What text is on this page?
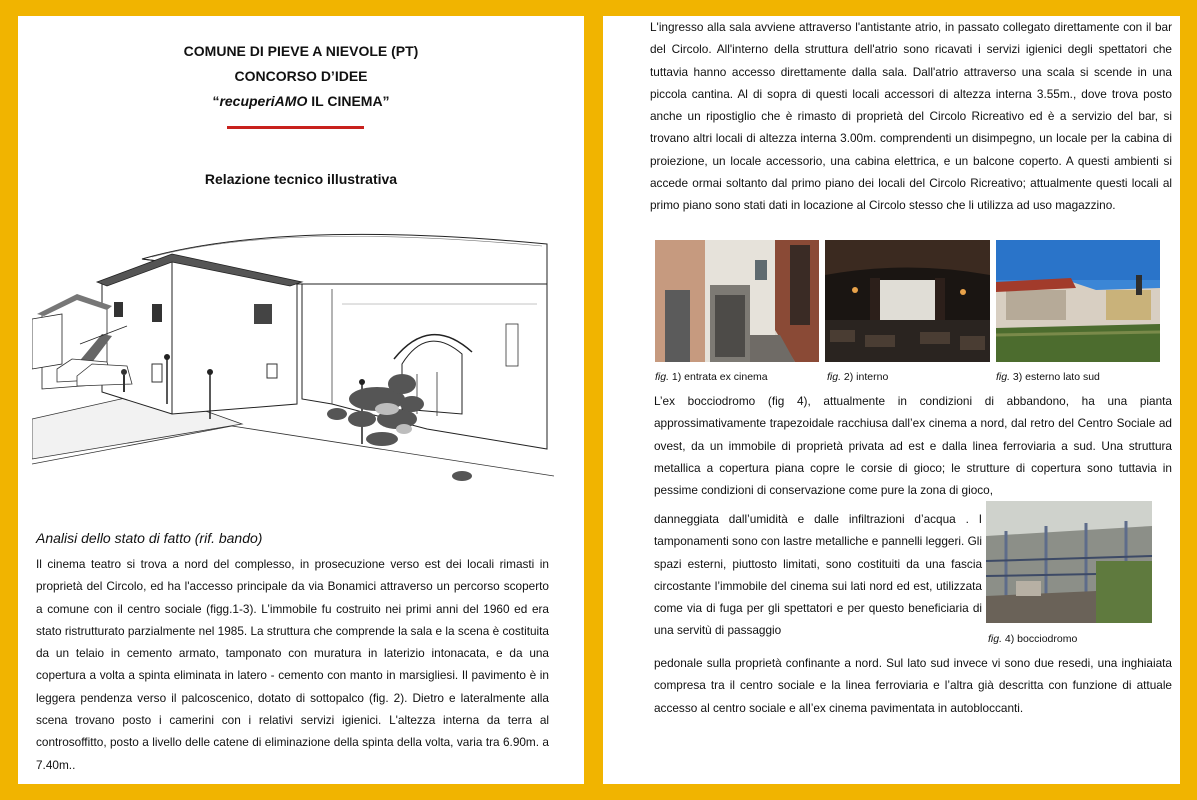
COMUNE DI PIEVE A NIEVOLE (PT)
CONCORSO D’IDEE
“recuperiAMO IL CINEMA”
Relazione tecnico illustrativa
Analisi dello stato di fatto (rif. bando)
Il cinema teatro si trova a nord del complesso, in prosecuzione verso est dei locali rimasti in proprietà del Circolo, ed ha l'accesso principale da via Bonamici attraverso un percorso scoperto a comune con il centro sociale (figg.1-3). L’immobile fu costruito nei primi anni del 1960 ed era stato ristrutturato parzialmente nel 1985. La struttura che comprende la sala e la scena è costituita da un telaio in cemento armato, tamponato con muratura in laterizio intonacata, e da una copertura a volta a spinta eliminata in latero - cemento con manto in marsigliesi. Il pavimento è in leggera pendenza verso il palcoscenico, dotato di sottopalco (fig. 2). Dietro e lateralmente alla scena trovano posto i camerini con i relativi servizi igienici. L'altezza interna da terra al controsoffitto, posto a livello delle catene di eliminazione della spinta della volta, varia tra 6.90m. a 7.40m..
L'ingresso alla sala avviene attraverso l'antistante atrio, in passato collegato direttamente con il bar del Circolo. All'interno della struttura dell'atrio sono ricavati i servizi igienici degli spettatori che tuttavia hanno accesso direttamente dalla sala. Dall'atrio attraverso una scala si scende in una piccola cantina. Al di sopra di questi locali accessori di altezza interna 3.55m., dove trova posto anche un ripostiglio che è rimasto di proprietà del Circolo Ricreativo ed è a servizio del bar, si trovano altri locali di altezza interna 3.00m. comprendenti un disimpegno, un locale per la cabina di proiezione, un locale accessorio, una cabina elettrica, e un balcone coperto. A questi ambienti si accede ormai soltanto dal primo piano dei locali del Circolo Ricreativo; attualmente questi locali al primo piano sono stati dati in locazione al Circolo stesso che li utilizza ad uso magazzino.
fig. 1) entrata ex cinema	fig. 2) interno	fig. 3) esterno lato sud
L’ex bocciodromo (fig 4), attualmente in condizioni di abbandono, ha una pianta approssimativamente trapezoidale racchiusa dall’ex cinema a nord, dal retro del Centro Sociale ad ovest, da un immobile di proprietà privata ad est e dalla linea ferroviaria a sud. Una struttura metallica a copertura piana copre le corsie di gioco; le strutture di copertura sono tuttavia in pessime condizioni di conservazione come pure la zona di gioco,
danneggiata dall’umidità e dalle infiltrazioni d’acqua . I tamponamenti sono con lastre metalliche e pannelli leggeri. Gli spazi esterni, piuttosto limitati, sono costituiti da una fascia circostante l’immobile del cinema sui lati nord ed est, utilizzata come via di fuga per gli spettatori e per questo beneficiaria di una servitù di passaggio
fig. 4) bocciodromo
pedonale sulla proprietà confinante a nord. Sul lato sud invece vi sono due resedi, una inghiaiata compresa tra il centro sociale e la linea ferroviaria e l’altra già descritta con funzione di attuale accesso al centro sociale e all’ex cinema pavimentata in autobloccanti.
